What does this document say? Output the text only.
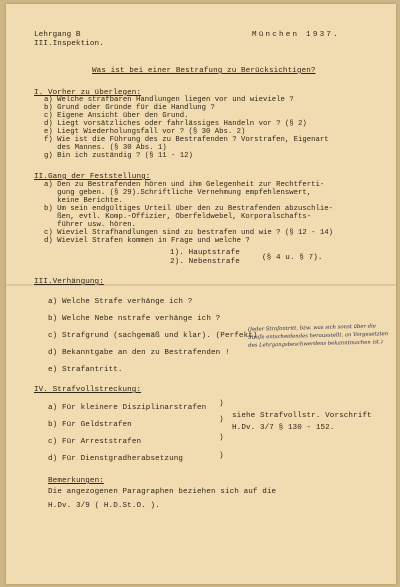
Lehrgang B
III.Inspektion.
München 1937.
Was ist bei einer Bestrafung zu Berücksichtigen?
I. Vorher zu überlegen:
a) Welche strafbaren Handlungen liegen vor und wieviele ?
b) Grund oder Gründe für die Handlung ?
c) Eigene Ansicht über den Grund.
d) Liegt vorsätzliches oder fahrlässiges Handeln vor ? (§ 2)
e) Liegt Wiederholungsfall vor ? (§ 30 Abs. 2)
f) Wie ist die Führung des zu Bestrafenden ? Vorstrafen, Eigenart
des Mannes. (§ 30 Abs. 1)
g) Bin ich zuständig ? (§ 11 - 12)
II.Gang der Feststellung:
a) Den zu Bestrafenden hören und ihm Gelegenheit zur Rechtferti-
gung geben. (§ 29).Schriftliche Vernehmung empfehlenswert,
keine Berichte.
b) Um sein endgültiges Urteil über den zu Bestrafenden abzuschlie-
ßen, evtl. Komp.-Offizier, Oberfeldwebel, Korporalschafts-
führer usw. hören.
c) Wieviel Strafhandlungen sind zu bestrafen und wie ? (§ 12 - 14)
d) Wieviel Strafen kommen in Frage und welche ?
1). Hauptstrafe
2). Nebenstrafe	(§ 4 u. § 7).
III.Verhängung:
a) Welche Strafe verhänge ich ?
b) Welche Nebe nstrafe verhänge ich ?
c) Strafgrund (sachgemäß und klar). (Perfekt)
d) Bekanntgabe an den zu Bestrafenden !
e) Strafantritt.
(Jeder Strafantritt, bzw. was sich sonst über die
Strafe entscheidendes herausstellt, an Vorgesetzten
des Lehrgangsbeschwerdens bekanntmachen ist.)
IV. Strafvollstreckung:
a) Für kleinere Disziplinarstrafen
b) Für Geldstrafen
c) Für Arreststrafen
d) Für Dienstgradherabsetzung
)
)
)
)
siehe Strafvollstr. Vorschrift
H.Dv. 3/7 § 130 - 152.
Bemerkungen:
Die angezogenen Paragraphen beziehen sich auf die
H.Dv. 3/9 ( H.D.St.O. ).
